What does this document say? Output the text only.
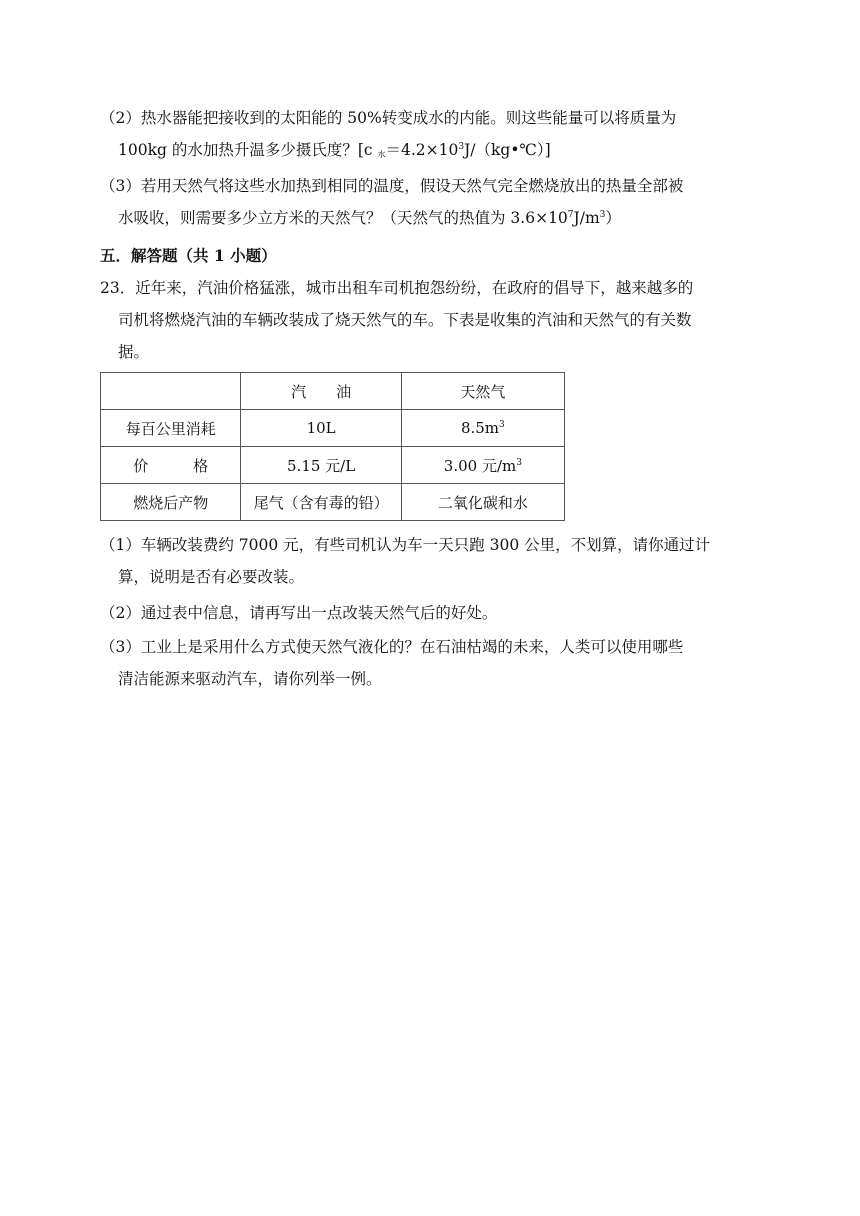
（2）热水器能把接收到的太阳能的 50%转变成水的内能。则这些能量可以将质量为
100kg 的水加热升温多少摄氏度？[c $_水=4.2\times 10^3J/(kg•℃)$]
（3）若用天然气将这些水加热到相同的温度，假设天然气完全燃烧放出的热量全部被
水吸收，则需要多少立方米的天然气？（天然气的热值为 $3.6\times 10^7J/m^3$）
五．解答题（共 1 小题）
23．近年来，汽油价格猛涨，城市出租车司机抱怨纷纷，在政府的倡导下，越来越多的
司机将燃烧汽油的车辆改装成了烧天然气的车。下表是收集的汽油和天然气的有关数
据。
	汽　　油	天然气
每百公里消耗	10L	$8.5m^3$
价　　　格	5.15 元/L	3.00 元$/m^3$
燃烧后产物	尾气（含有毒的铅）	二氧化碳和水
（1）车辆改装费约 7000 元，有些司机认为车一天只跑 300 公里，不划算，请你通过计
算，说明是否有必要改装。
（2）通过表中信息，请再写出一点改装天然气后的好处。
（3）工业上是采用什么方式使天然气液化的？在石油枯竭的未来，人类可以使用哪些
清洁能源来驱动汽车，请你列举一例。
